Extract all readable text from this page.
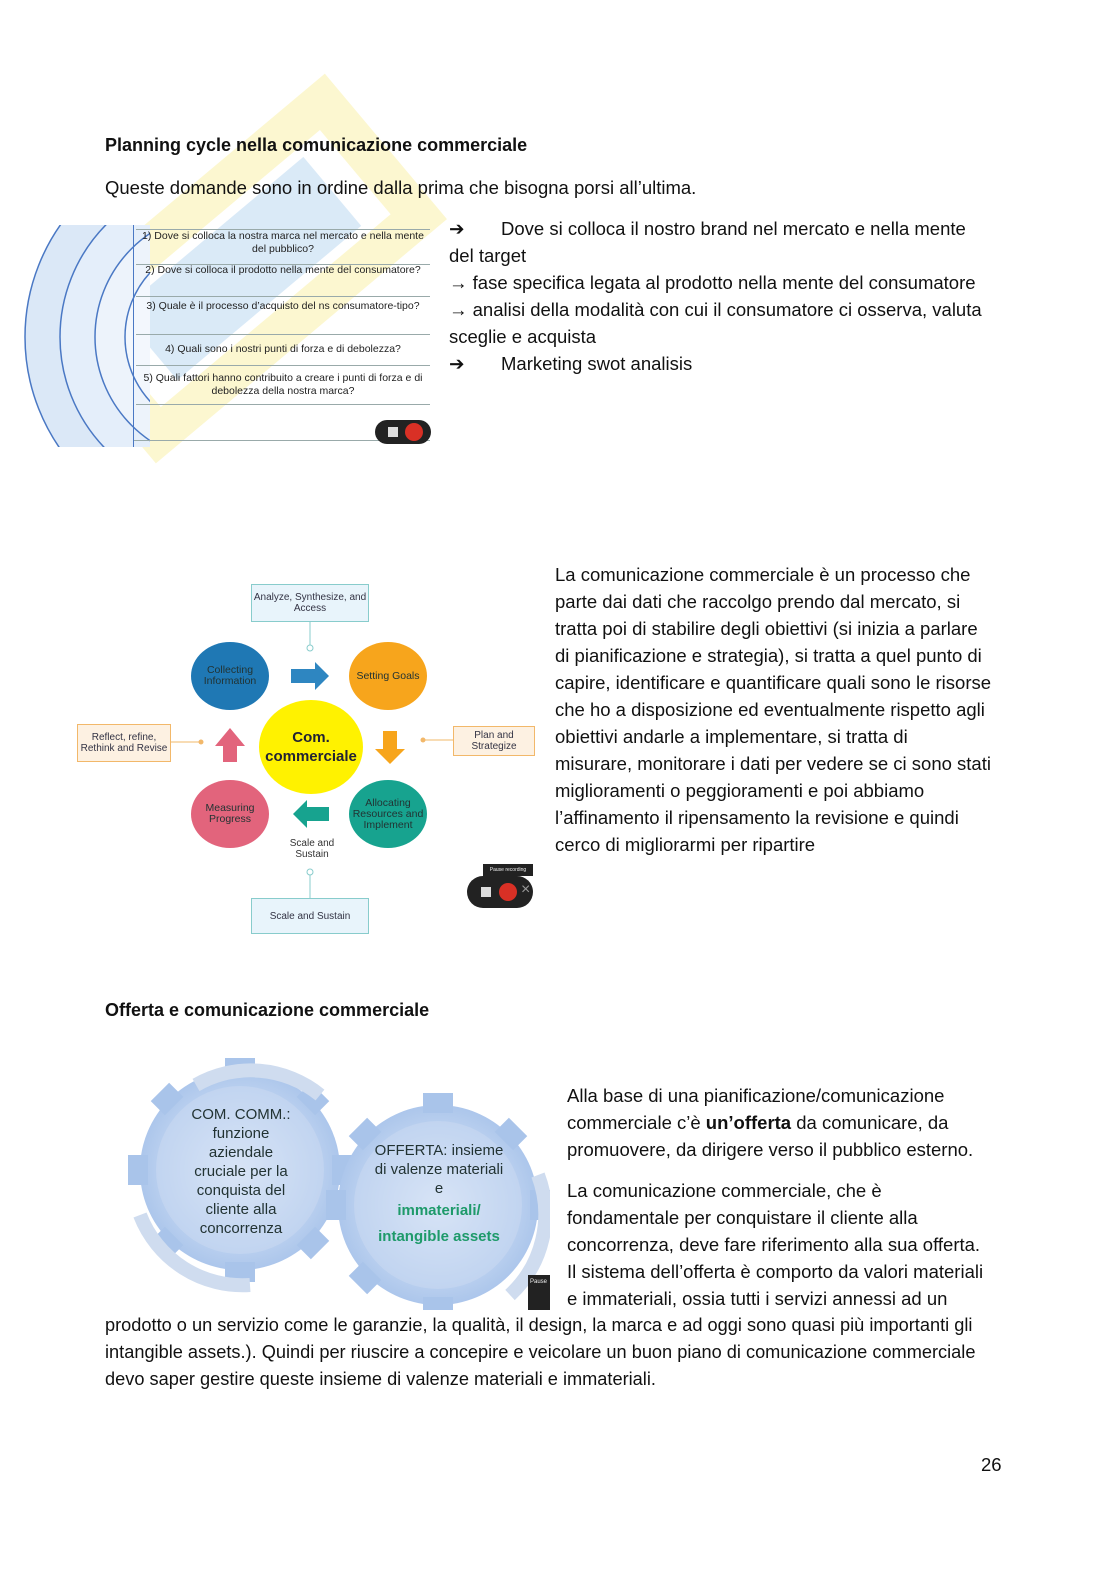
Planning cycle nella comunicazione commerciale
Queste domande sono in ordine dalla prima che bisogna porsi all’ultima.
1) Dove si colloca la nostra marca nel mercato e nella mente del pubblico?
2) Dove si colloca il prodotto nella mente del consumatore?
3) Quale è il processo d’acquisto del ns consumatore-tipo?
4) Quali sono i nostri punti di forza e di debolezza?
5) Quali fattori hanno contribuito a creare i punti di forza e di debolezza della nostra marca?
➔ Dove si colloca il nostro brand nel mercato e nella mente
del target
→ fase specifica legata al prodotto nella mente del consumatore
→ analisi della modalità con cui il consumatore ci osserva, valuta
sceglie e acquista
➔ Marketing swot analisis
Analyze, Synthesize, and Access
Reflect, refine, Rethink and Revise
Plan and Strategize
Scale and Sustain
Collecting Information	Setting Goals
Allocating Resources and Implement
Measuring Progress
Com. commerciale
Scale and Sustain
×
Pause recording
La comunicazione commerciale è un processo che
parte dai dati che raccolgo prendo dal mercato, si
tratta poi di stabilire degli obiettivi (si inizia a parlare
di pianificazione e strategia), si tratta a quel punto di
capire, identificare e quantificare quali sono le risorse
che ho a disposizione ed eventualmente rispetto agli
obiettivi andarle a implementare, si tratta di
misurare, monitorare i dati per vedere se ci sono stati
miglioramenti o peggioramenti e poi abbiamo
l’affinamento il ripensamento la revisione e quindi
cerco di migliorarmi per ripartire
Offerta e comunicazione commerciale
COM. COMM.: funzione aziendale cruciale per la conquista del cliente alla concorrenza
OFFERTA: insieme di valenze materiali e
immateriali/ intangible assets
Pause
Alla base di una pianificazione/comunicazione commerciale c’è un’offerta da comunicare, da promuovere, da dirigere verso il pubblico esterno.
La comunicazione commerciale, che è
fondamentale per conquistare il cliente alla
concorrenza, deve fare riferimento alla sua offerta.
Il sistema dell’offerta è comporto da valori materiali
e immateriali, ossia tutti i servizi annessi ad un
prodotto o un servizio come le garanzie, la qualità, il design, la marca e ad oggi sono quasi più importanti gli
intangible assets.). Quindi per riuscire a concepire e veicolare un buon piano di comunicazione commerciale
devo saper gestire queste insieme di valenze materiali e immateriali.
26
